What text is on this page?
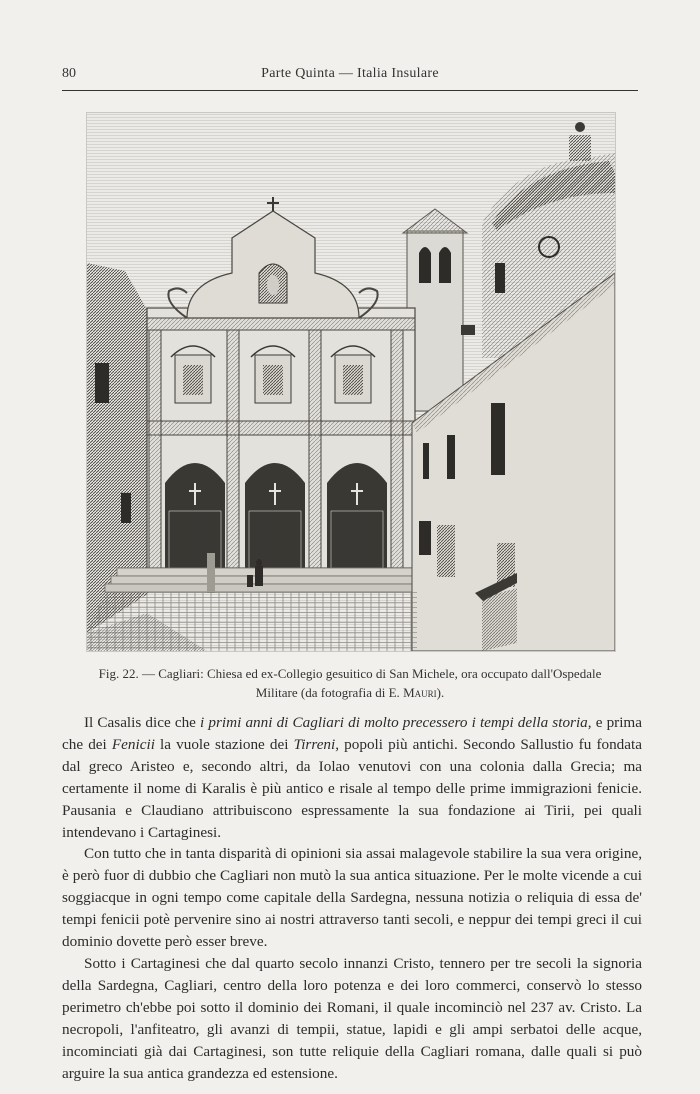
80	Parte Quinta — Italia Insulare
Fig. 22. — Cagliari: Chiesa ed ex-Collegio gesuitico di San Michele, ora occupato dall'Ospedale Militare (da fotografia di E. Mauri).

Il Casalis dice che i primi anni di Cagliari di molto precessero i tempi della storia, e prima che dei Fenicii la vuole stazione dei Tirreni, popoli più antichi. Secondo Sallustio fu fondata dal greco Aristeo e, secondo altri, da Iolao venutovi con una colonia dalla Grecia; ma certamente il nome di Karalis è più antico e risale al tempo delle prime immigrazioni fenicie. Pausania e Claudiano attribuiscono espressamente la sua fondazione ai Tirii, pei quali intendevano i Cartaginesi.

Con tutto che in tanta disparità di opinioni sia assai malagevole stabilire la sua vera origine, è però fuor di dubbio che Cagliari non mutò la sua antica situazione. Per le molte vicende a cui soggiacque in ogni tempo come capitale della Sardegna, nessuna notizia o reliquia di essa de' tempi fenicii potè pervenire sino ai nostri attraverso tanti secoli, e neppur dei tempi greci il cui dominio dovette però esser breve.

Sotto i Cartaginesi che dal quarto secolo innanzi Cristo, tennero per tre secoli la signoria della Sardegna, Cagliari, centro della loro potenza e dei loro commerci, conservò lo stesso perimetro ch'ebbe poi sotto il dominio dei Romani, il quale incominciò nel 237 av. Cristo. La necropoli, l'anfiteatro, gli avanzi di tempii, statue, lapidi e gli ampi serbatoi delle acque, incominciati già dai Cartaginesi, son tutte reliquie della Cagliari romana, dalle quali si può arguire la sua antica grandezza ed estensione.
